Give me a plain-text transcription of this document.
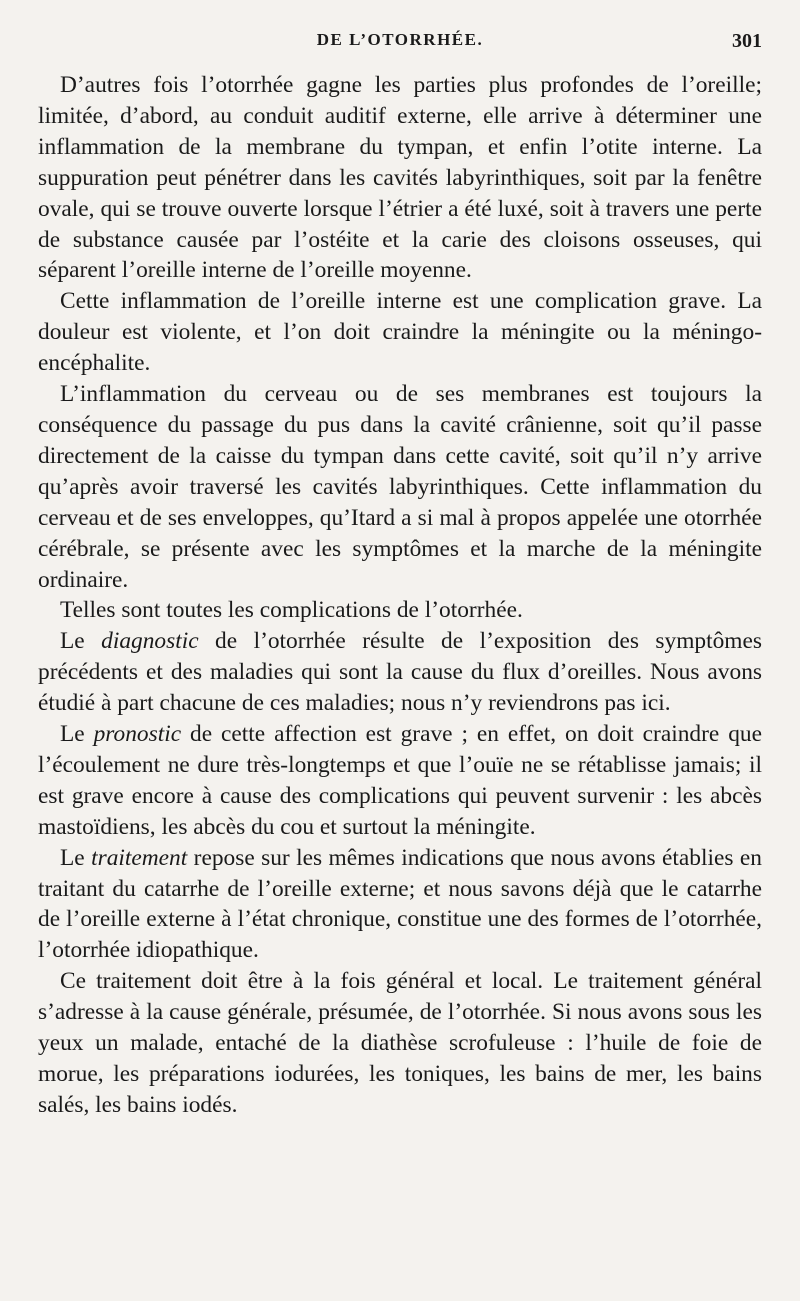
DE L’OTORRHÉE.	301

D’autres fois l’otorrhée gagne les parties plus profondes de l’oreille; limitée, d’abord, au conduit auditif externe, elle arrive à déterminer une inflammation de la membrane du tympan, et enfin l’otite interne. La suppuration peut pénétrer dans les cavités labyrinthiques, soit par la fenêtre ovale, qui se trouve ouverte lorsque l’étrier a été luxé, soit à travers une perte de substance causée par l’ostéite et la carie des cloisons osseuses, qui séparent l’oreille interne de l’oreille moyenne.

Cette inflammation de l’oreille interne est une complication grave. La douleur est violente, et l’on doit craindre la méningite ou la méningo-encéphalite.

L’inflammation du cerveau ou de ses membranes est toujours la conséquence du passage du pus dans la cavité crânienne, soit qu’il passe directement de la caisse du tympan dans cette cavité, soit qu’il n’y arrive qu’après avoir traversé les cavités labyrinthiques. Cette inflammation du cerveau et de ses enveloppes, qu’Itard a si mal à propos appelée une otorrhée cérébrale, se présente avec les symptômes et la marche de la méningite ordinaire.

Telles sont toutes les complications de l’otorrhée.

Le diagnostic de l’otorrhée résulte de l’exposition des symptômes précédents et des maladies qui sont la cause du flux d’oreilles. Nous avons étudié à part chacune de ces maladies; nous n’y reviendrons pas ici.

Le pronostic de cette affection est grave ; en effet, on doit craindre que l’écoulement ne dure très-longtemps et que l’ouïe ne se rétablisse jamais; il est grave encore à cause des complications qui peuvent survenir : les abcès mastoïdiens, les abcès du cou et surtout la méningite.

Le traitement repose sur les mêmes indications que nous avons établies en traitant du catarrhe de l’oreille externe; et nous savons déjà que le catarrhe de l’oreille externe à l’état chronique, constitue une des formes de l’otorrhée, l’otorrhée idiopathique.

Ce traitement doit être à la fois général et local. Le traitement général s’adresse à la cause générale, présumée, de l’otorrhée. Si nous avons sous les yeux un malade, entaché de la diathèse scrofuleuse : l’huile de foie de morue, les préparations iodurées, les toniques, les bains de mer, les bains salés, les bains iodés.
